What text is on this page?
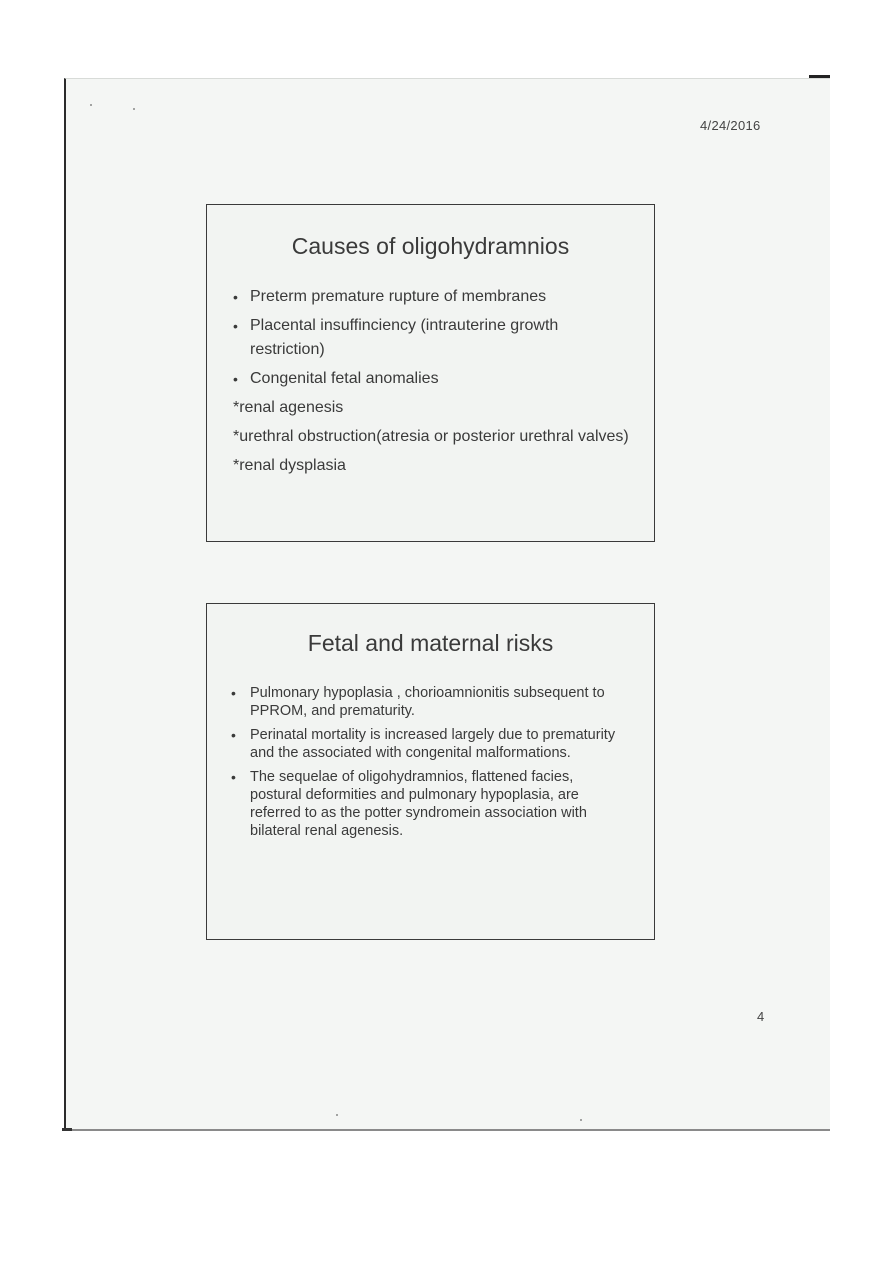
4/24/2016
Causes of oligohydramnios
• Preterm premature rupture of membranes
• Placental insuffinciency (intrauterine growth restriction)
• Congenital fetal anomalies
*renal agenesis
*urethral obstruction(atresia or posterior urethral valves)
*renal dysplasia
Fetal and maternal risks
• Pulmonary hypoplasia , chorioamnionitis subsequent to PPROM, and prematurity.
• Perinatal mortality is increased largely due to prematurity and the associated with congenital malformations.
• The sequelae of oligohydramnios, flattened facies, postural deformities and pulmonary hypoplasia, are referred to as the potter syndromein association with bilateral renal agenesis.
4
